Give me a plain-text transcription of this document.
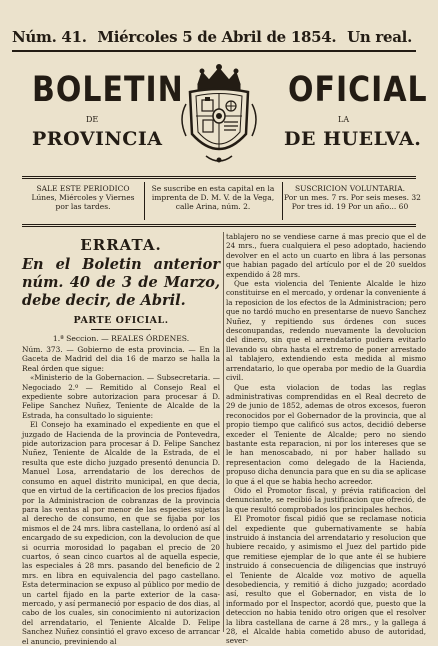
Núm. 41. Miércoles 5 de Abril de 1854. Un real.
BOLETIN	OFICIAL
DE	LA
PROVINCIA	DE HUELVA.
SALE ESTE PERIODICO
Lúnes, Miércoles y Viernes
por las tardes.
Se suscribe en esta capital en la
imprenta de D. M. V. de la Vega,
calle Arina, núm. 2.
SUSCRICION VOLUNTARIA.
Por un mes. 7 rs. Por seis meses. 32
Por tres id. 19 Por un año... 60
ERRATA.

En el Boletin anterior núm. 40 de 3 de Marzo, debe decir, de Abril.

PARTE OFICIAL.

1.ª Seccion. — REALES ÓRDENES.

Núm. 373. — Gobierno de esta provincia. — En la Gaceta de Madrid del dia 16 de marzo se halla la Real órden que sigue:

«Ministerio de la Gobernacion. — Subsecretaria. — Negociado 2.º — Remitido al Consejo Real el expediente sobre autorizacion para procesar á D. Felipe Sanchez Nuñez, Teniente de Alcalde de la Estrada, ha consultado lo siguiente:

El Consejo ha examinado el expediente en que el juzgado de Hacienda de la provincia de Pontevedra, pide autorizacion para procesar á D. Felipe Sanchez Nuñez, Teniente de Alcalde de la Estrada, de el resulta que este dicho juzgado presentó denuncia D. Manuel Losa, arrendatario de los derechos de consumo en aquel distrito municipal, en que decia, que en virtud de la certificacion de los precios fijados por la Administracion de cobranzas de la provincia para las ventas al por menor de las especies sujetas al derecho de consumo, en que se fijaba por los mismos el de 24 mrs. libra castellana, lo ordenó así al encargado de su expedicion, con la devolucion de que si ocurria morosidad lo pagaban el precio de 20 cuartos, ó sean cinco cuartos al de aquella especie, las especiales á 28 mrs. pasando del beneficio de 2 mrs. en libra en equivalencia del pago castellano. Esta determinacion se expuso al público por medio de un cartel fijado en la parte exterior de la casa-mercado, y así permaneció por espacio de dos dias, al cabo de los cuales, sin conocimiento ni autorizacion del arrendatario, el Teniente Alcalde D. Felipe Sanchez Nuñez consintió el gravo exceso de arrancar el anuncio, previniendo al

tablajero no se vendiese carne á mas precio que el de 24 mrs., fuera cualquiera el peso adoptado, haciendo devolver en el acto un cuarto en libra á las personas que habian pagado del artículo por el de 20 sueldos expendido á 28 mrs.

Que esta violencia del Teniente Alcalde le hizo constituirse en el mercado, y ordenar la conveniente á la reposicion de los efectos de la Administracion; pero que no tardó mucho en presentarse de nuevo Sanchez Nuñez, y repitiendo sus órdenes con suces desconupandas, redendo nuevamente la devolucion del dinero, sin que el arrendatario pudiera evitarlo llevando su obra hasta el extremo de poner arrestado al tablajero, extendiendo esta medida al mismo arrendatario, lo que operaba por medio de la Guardia civil.

Que esta violacion de todas las reglas administrativas comprendidas en el Real decreto de 29 de junio de 1852, ademas de otros excesos, fueron reconocidos por el Gobernador de la provincia, que al propio tiempo que calificó sus actos, decidió deberse exceder el Teniente de Alcalde; pero no siendo bastante esta reparacion, ni por los intereses que se le han menoscabado, ni por haber hallado su representacion como delegado de la Hacienda, propuso dicha denuncia para que en su dia se aplicase lo que á el que se habia hecho acreedor.

Oido el Promotor fiscal, y prévia ratificacion del denunciante, se recibió la justificacion que ofreció, de la que resultó comprobados los principales hechos.

El Promotor fiscal pidió que se reclamase noticia del expediente que gubernativamente se había instruido á instancia del arrendatario y resolucion que hubiere recaido, y asimismo el Juez del partido pide que remitiese ejemplar de lo que ante él se hubiere instruido á consecuencia de diligencias que instruyó el Teniente de Alcalde voz motivo de aquella desobediencia, y remitió á dicho juzgado; acordado así, resulto que el Gobernador, en vista de lo informado por el Inspector, acordó que, puesto que la deteccion no habia tenido otro origen que el resolver la libra castellana de carne á 28 mrs., y la gallega á 28, el Alcalde habia cometido abuso de autoridad, sever-
